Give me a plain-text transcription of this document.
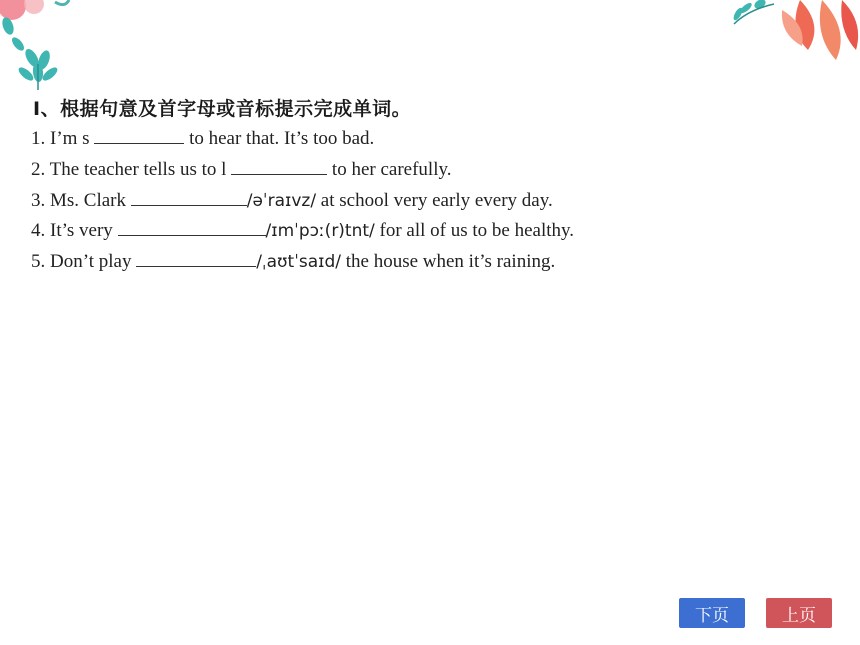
Ⅰ、根据句意及首字母或音标提示完成单词。
1. I’m s	to hear that. It’s too bad.
2. The teacher tells us to l	to her carefully.
3. Ms. Clark	/əˈraɪvz/ at school very early every day.
4. It’s very	/ɪmˈpɔː(r)tnt/ for all of us to be healthy.
5. Don’t play	/ˌaʊtˈsaɪd/ the house when it’s raining.
下页	上页
